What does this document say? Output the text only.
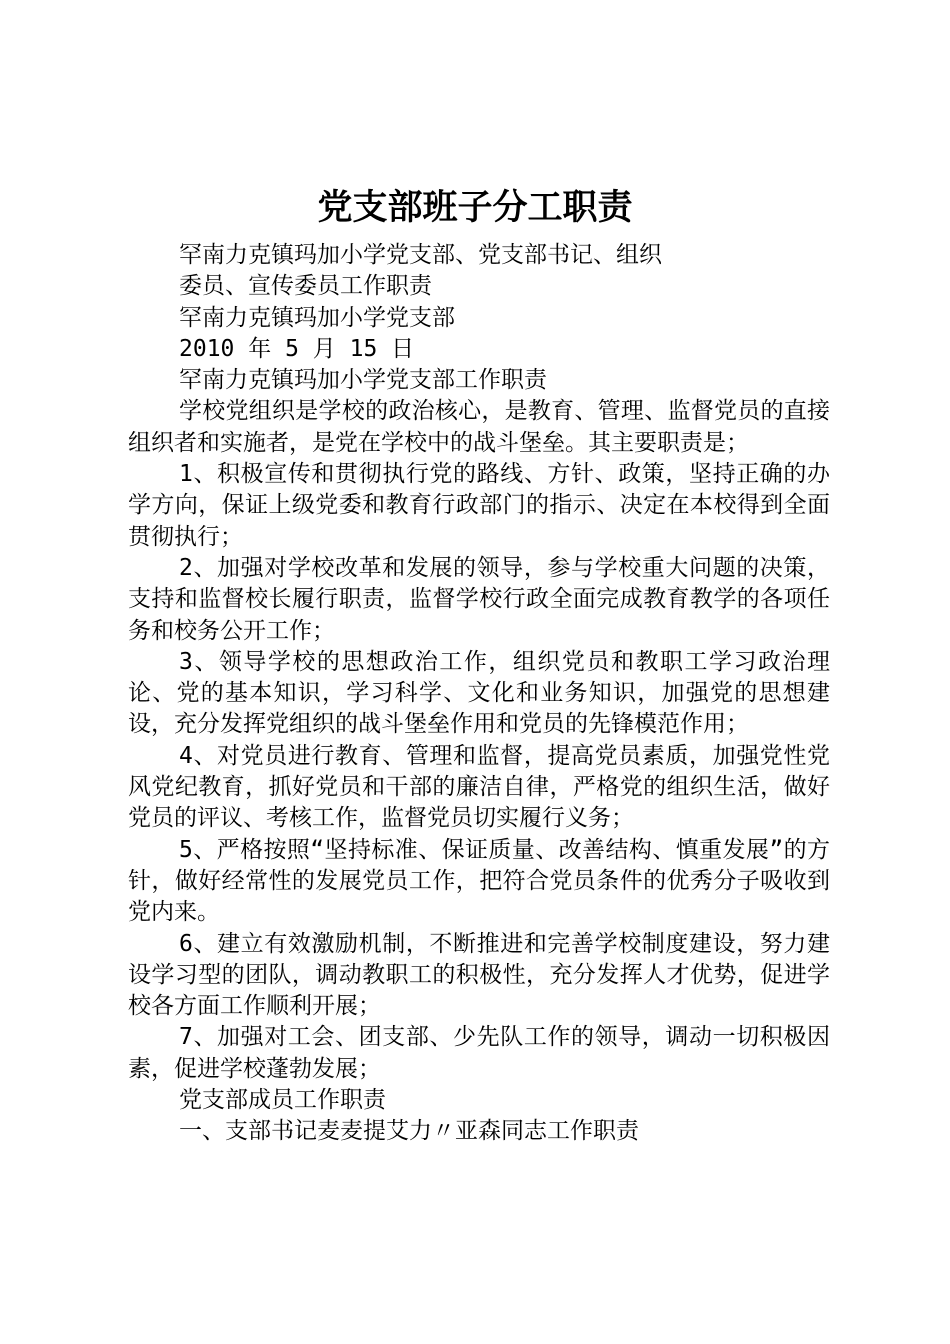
党支部班子分工职责
罕南力克镇玛加小学党支部、党支部书记、组织
委员、宣传委员工作职责
罕南力克镇玛加小学党支部
2010 年 5 月 15 日
罕南力克镇玛加小学党支部工作职责

学校党组织是学校的政治核心，是教育、管理、监督党员的直接组织者和实施者，是党在学校中的战斗堡垒。其主要职责是；

1、积极宣传和贯彻执行党的路线、方针、政策，坚持正确的办学方向，保证上级党委和教育行政部门的指示、决定在本校得到全面贯彻执行；

2、加强对学校改革和发展的领导，参与学校重大问题的决策，支持和监督校长履行职责，监督学校行政全面完成教育教学的各项任务和校务公开工作；

3、领导学校的思想政治工作，组织党员和教职工学习政治理论、党的基本知识，学习科学、文化和业务知识，加强党的思想建设，充分发挥党组织的战斗堡垒作用和党员的先锋模范作用；

4、对党员进行教育、管理和监督，提高党员素质，加强党性党风党纪教育，抓好党员和干部的廉洁自律，严格党的组织生活，做好党员的评议、考核工作，监督党员切实履行义务；

5、严格按照“坚持标准、保证质量、改善结构、慎重发展”的方针，做好经常性的发展党员工作，把符合党员条件的优秀分子吸收到党内来。

6、建立有效激励机制，不断推进和完善学校制度建设，努力建设学习型的团队，调动教职工的积极性，充分发挥人才优势，促进学校各方面工作顺利开展；

7、加强对工会、团支部、少先队工作的领导，调动一切积极因素，促进学校蓬勃发展；

党支部成员工作职责
一、支部书记麦麦提艾力〃亚森同志工作职责
